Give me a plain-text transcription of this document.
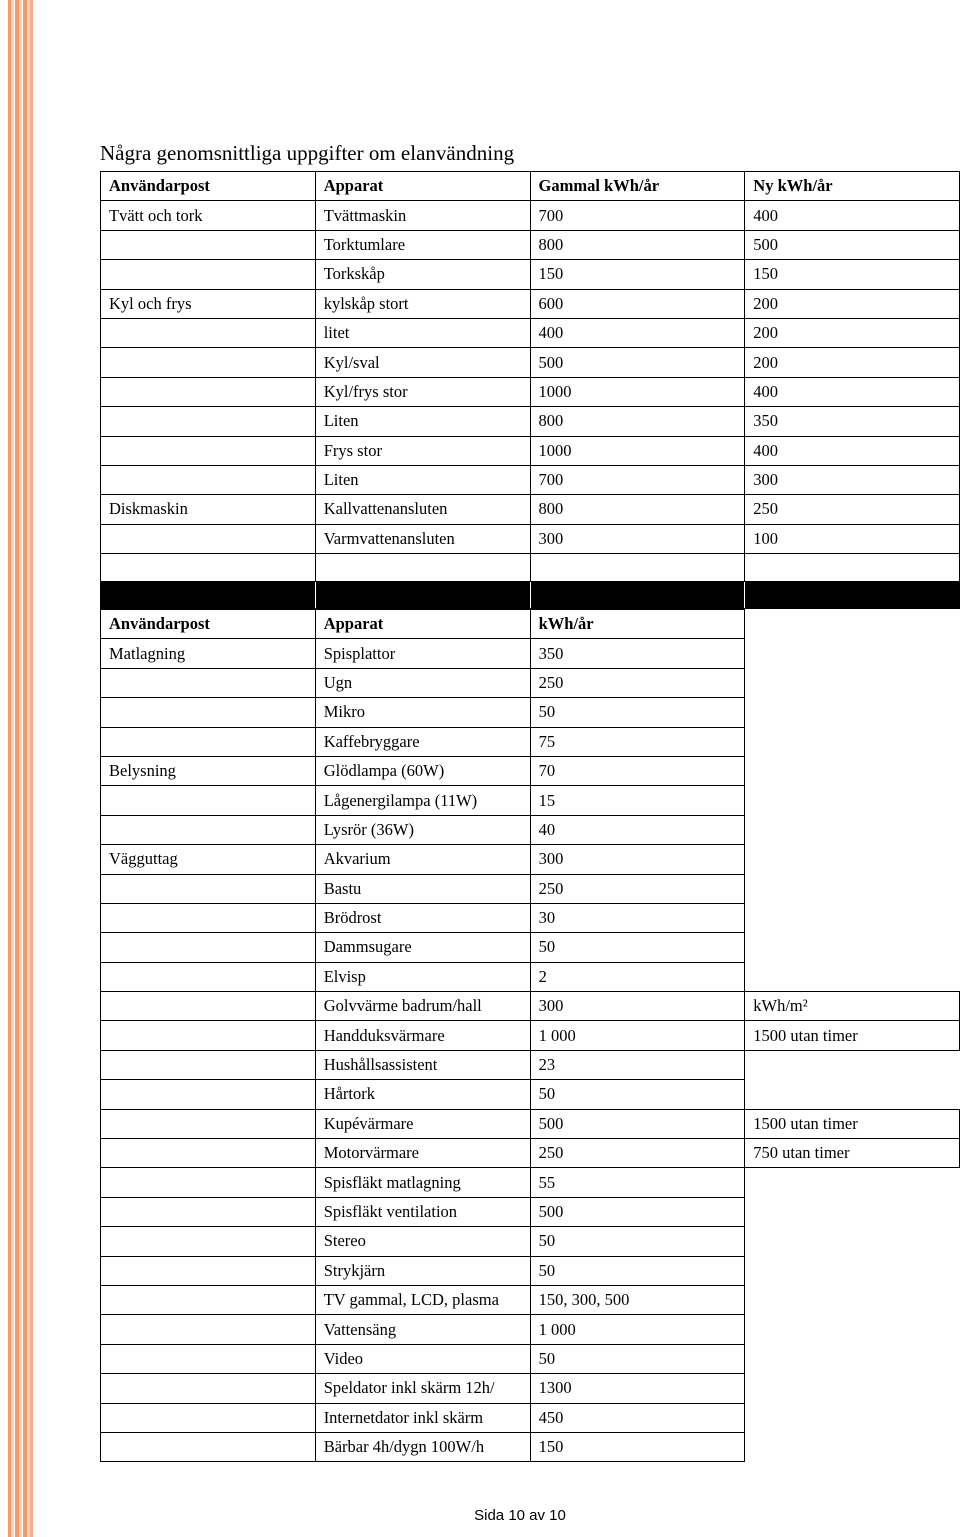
Några genomsnittliga uppgifter om elanvändning
Användarpost	Apparat	Gammal kWh/år	Ny kWh/år
Tvätt och tork	Tvättmaskin	700	400
	Torktumlare	800	500
	Torkskåp	150	150
Kyl och frys	kylskåp stort	600	200
	litet	400	200
	Kyl/sval	500	200
	Kyl/frys stor	1000	400
	Liten	800	350
	Frys stor	1000	400
	Liten	700	300
Diskmaskin	Kallvattenansluten	800	250
	Varmvattenansluten	300	100

Användarpost	Apparat	kWh/år	
Matlagning	Spisplattor	350	
	Ugn	250	
	Mikro	50	
	Kaffebryggare	75	
Belysning	Glödlampa (60W)	70	
	Lågenergilampa (11W)	15	
	Lysrör (36W)	40	
Vägguttag	Akvarium	300	
	Bastu	250	
	Brödrost	30	
	Dammsugare	50	
	Elvisp	2	
	Golvvärme badrum/hall	300	kWh/m²
	Handduksvärmare	1 000	1500 utan timer
	Hushållsassistent	23	
	Hårtork	50	
	Kupévärmare	500	1500 utan timer
	Motorvärmare	250	750 utan timer
	Spisfläkt matlagning	55	
	Spisfläkt ventilation	500	
	Stereo	50	
	Strykjärn	50	
	TV gammal, LCD, plasma	150, 300, 500	
	Vattensäng	1 000	
	Video	50	
	Speldator inkl skärm 12h/	1300	
	Internetdator inkl skärm	450	
	Bärbar 4h/dygn 100W/h	150	
Sida 10 av 10
